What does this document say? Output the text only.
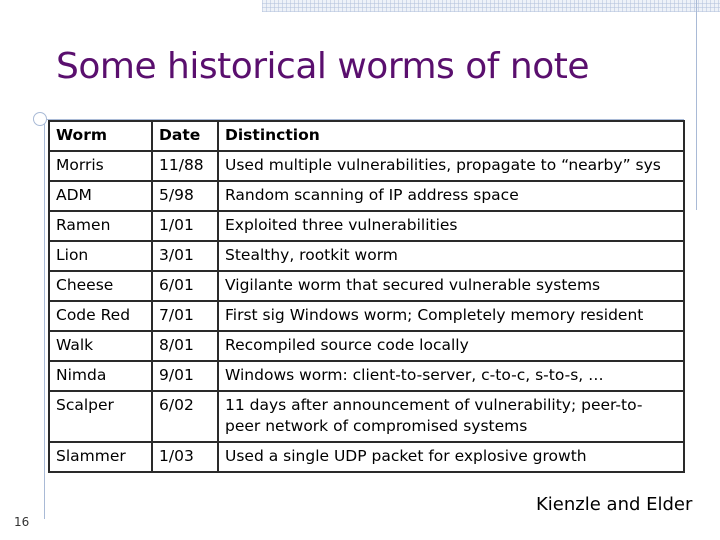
Some historical worms of note
Worm	Date	Distinction
Morris	11/88	Used multiple vulnerabilities, propagate to “nearby” sys
ADM	5/98	Random scanning of IP address space
Ramen	1/01	Exploited three vulnerabilities
Lion	3/01	Stealthy, rootkit worm
Cheese	6/01	Vigilante worm that secured vulnerable systems
Code Red	7/01	First sig Windows worm; Completely memory resident
Walk	8/01	Recompiled source code locally
Nimda	9/01	Windows worm: client-to-server, c-to-c, s-to-s, …
Scalper	6/02	11 days after announcement of vulnerability; peer-to-peer network of compromised systems
Slammer	1/03	Used a single UDP packet for explosive growth
16
Kienzle and Elder
